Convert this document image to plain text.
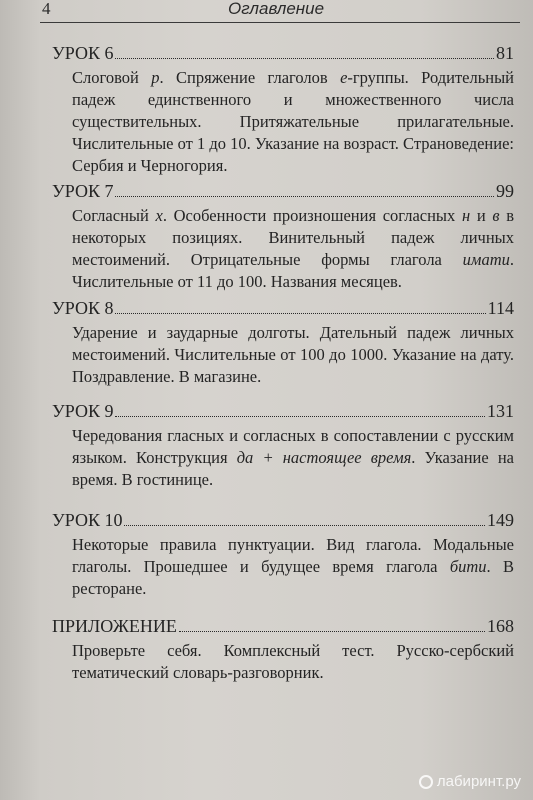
4	Оглавление
УРОК 6	81
Слоговой р. Спряжение глаголов е-группы. Родительный падеж единственного и множественного числа существительных. Притяжательные прилагательные. Числительные от 1 до 10. Указание на возраст. Страноведение: Сербия и Черногория.
УРОК 7	99
Согласный х. Особенности произношения согласных н и в в некоторых позициях. Винительный падеж личных местоимений. Отрицательные формы глагола имати. Числительные от 11 до 100. Названия месяцев.
УРОК 8	114
Ударение и заударные долготы. Дательный падеж личных местоимений. Числительные от 100 до 1000. Указание на дату. Поздравление. В магазине.
УРОК 9	131
Чередования гласных и согласных в сопоставлении с русским языком. Конструкция да + настоящее время. Указание на время. В гостинице.
УРОК 10	149
Некоторые правила пунктуации. Вид глагола. Модальные глаголы. Прошедшее и будущее время глагола бити. В ресторане.
ПРИЛОЖЕНИЕ	168
Проверьте себя. Комплексный тест. Русско-сербский тематический словарь-разговорник.
лабиринт.ру
